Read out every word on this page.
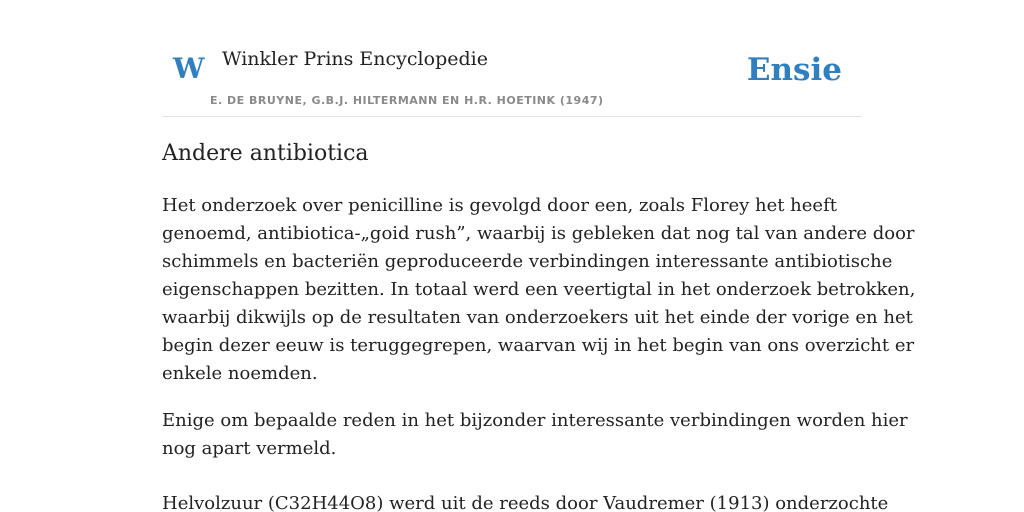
W Winkler Prins Encyclopedie
E. DE BRUYNE, G.B.J. HILTERMANN EN H.R. HOETINK (1947)
Ensie
Andere antibiotica

Het onderzoek over penicilline is gevolgd door een, zoals Florey het heeft
genoemd, antibiotica-„goid rush”, waarbij is gebleken dat nog tal van andere door
schimmels en bacteriën geproduceerde verbindingen interessante antibiotische
eigenschappen bezitten. In totaal werd een veertigtal in het onderzoek betrokken,
waarbij dikwijls op de resultaten van onderzoekers uit het einde der vorige en het
begin dezer eeuw is teruggegrepen, waarvan wij in het begin van ons overzicht er
enkele noemden.

Enige om bepaalde reden in het bijzonder interessante verbindingen worden hier
nog apart vermeld.

Helvolzuur (C32H44O8) werd uit de reeds door Vaudremer (1913) onderzochte
